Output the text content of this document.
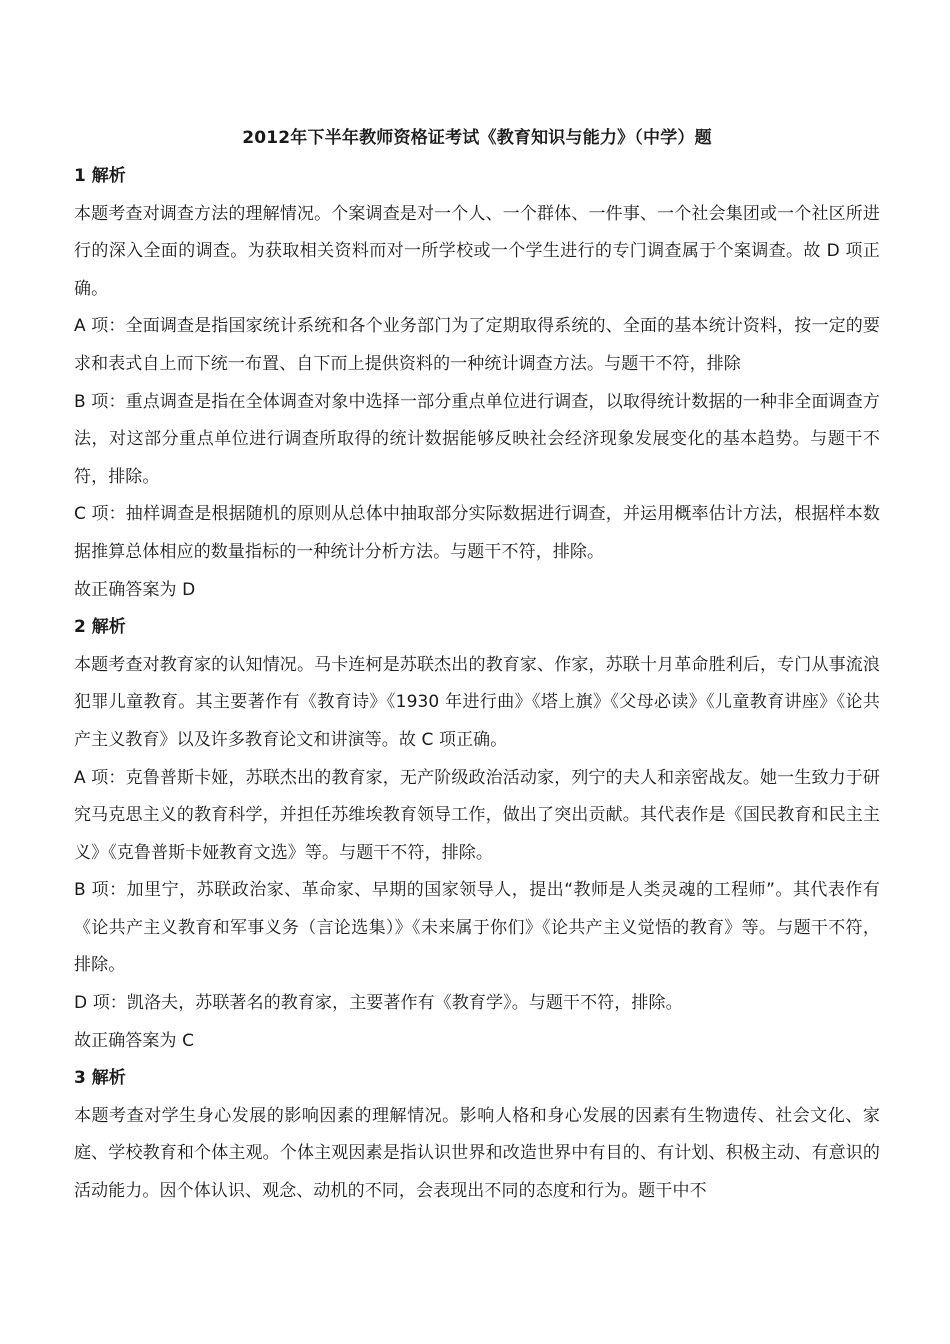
2012年下半年教师资格证考试《教育知识与能力》（中学）题
1 解析

本题考查对调查方法的理解情况。个案调查是对一个人、一个群体、一件事、一个社会集团或一个社区所进行的深入全面的调查。为获取相关资料而对一所学校或一个学生进行的专门调查属于个案调查。故 D 项正确。

A 项：全面调查是指国家统计系统和各个业务部门为了定期取得系统的、全面的基本统计资料，按一定的要求和表式自上而下统一布置、自下而上提供资料的一种统计调查方法。与题干不符，排除

B 项：重点调查是指在全体调查对象中选择一部分重点单位进行调查，以取得统计数据的一种非全面调查方法，对这部分重点单位进行调查所取得的统计数据能够反映社会经济现象发展变化的基本趋势。与题干不符，排除。

C 项：抽样调查是根据随机的原则从总体中抽取部分实际数据进行调查，并运用概率估计方法，根据样本数据推算总体相应的数量指标的一种统计分析方法。与题干不符，排除。

故正确答案为 D

2 解析

本题考查对教育家的认知情况。马卡连柯是苏联杰出的教育家、作家，苏联十月革命胜利后，专门从事流浪犯罪儿童教育。其主要著作有《教育诗》《1930 年进行曲》《塔上旗》《父母必读》《儿童教育讲座》《论共产主义教育》以及许多教育论文和讲演等。故 C 项正确。

A 项：克鲁普斯卡娅，苏联杰出的教育家，无产阶级政治活动家，列宁的夫人和亲密战友。她一生致力于研究马克思主义的教育科学，并担任苏维埃教育领导工作，做出了突出贡献。其代表作是《国民教育和民主主义》《克鲁普斯卡娅教育文选》等。与题干不符，排除。

B 项：加里宁，苏联政治家、革命家、早期的国家领导人，提出“教师是人类灵魂的工程师”。其代表作有《论共产主义教育和军事义务（言论选集）》《未来属于你们》《论共产主义觉悟的教育》等。与题干不符，排除。

D 项：凯洛夫，苏联著名的教育家，主要著作有《教育学》。与题干不符，排除。

故正确答案为 C

3 解析

本题考查对学生身心发展的影响因素的理解情况。影响人格和身心发展的因素有生物遗传、社会文化、家庭、学校教育和个体主观。个体主观因素是指认识世界和改造世界中有目的、有计划、积极主动、有意识的活动能力。因个体认识、观念、动机的不同，会表现出不同的态度和行为。题干中不
